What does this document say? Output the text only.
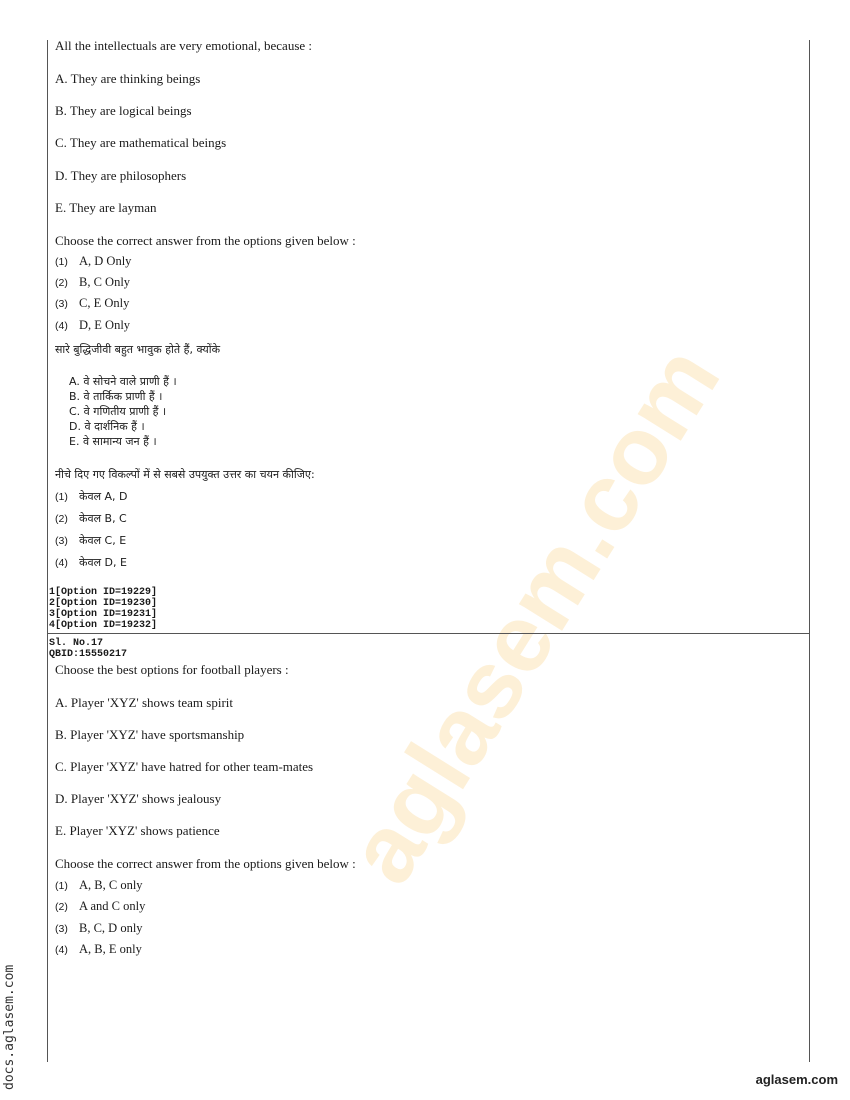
aglasem.com

All the intellectuals are very emotional, because :

A. They are thinking beings

B. They are logical beings

C. They are mathematical beings

D. They are philosophers

E. They are layman

Choose the correct answer from the options given below :
(1) A, D Only
(2) B, C Only
(3) C, E Only
(4) D, E Only
सारे बुद्धिजीवी बहुत भावुक होते हैं, क्योंके
A. वे सोचने वाले प्राणी हैं ।
B. वे तार्किक प्राणी हैं ।
C. वे गणितीय प्राणी हैं ।
D. वे दार्शनिक हैं ।
E. वे सामान्य जन हैं ।
नीचे दिए गए विकल्पों में से सबसे उपयुक्त उत्तर का चयन कीजिए:
(1) केवल A, D
(2) केवल B, C
(3) केवल C, E
(4) केवल D, E
1[Option ID=19229]
2[Option ID=19230]
3[Option ID=19231]
4[Option ID=19232]
Sl. No.17
QBID:15550217

Choose the best options for football players :

A. Player 'XYZ' shows team spirit

B. Player 'XYZ' have sportsmanship

C. Player 'XYZ' have hatred for other team-mates

D. Player 'XYZ' shows jealousy

E. Player 'XYZ' shows patience

Choose the correct answer from the options given below :
(1) A, B, C only
(2) A and C only
(3) B, C, D only
(4) A, B, E only
docs.aglasem.com	aglasem.com
